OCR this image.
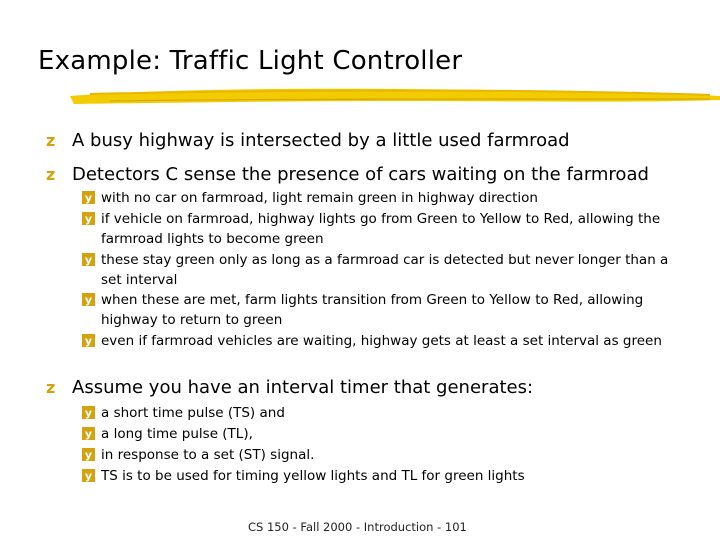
Example: Traffic Light Controller
z A busy highway is intersected by a little used farmroad
z Detectors C sense the presence of cars waiting on the farmroad
y with no car on farmroad, light remain green in highway direction
y if vehicle on farmroad, highway lights go from Green to Yellow to Red, allowing the farmroad lights to become green
y these stay green only as long as a farmroad car is detected but never longer than a set interval
y when these are met, farm lights transition from Green to Yellow to Red, allowing highway to return to green
y even if farmroad vehicles are waiting, highway gets at least a set interval as green
z Assume you have an interval timer that generates:
y a short time pulse (TS) and
y a long time pulse (TL),
y in response to a set (ST) signal.
y TS is to be used for timing yellow lights and TL for green lights
CS 150 - Fall 2000 - Introduction - 101
